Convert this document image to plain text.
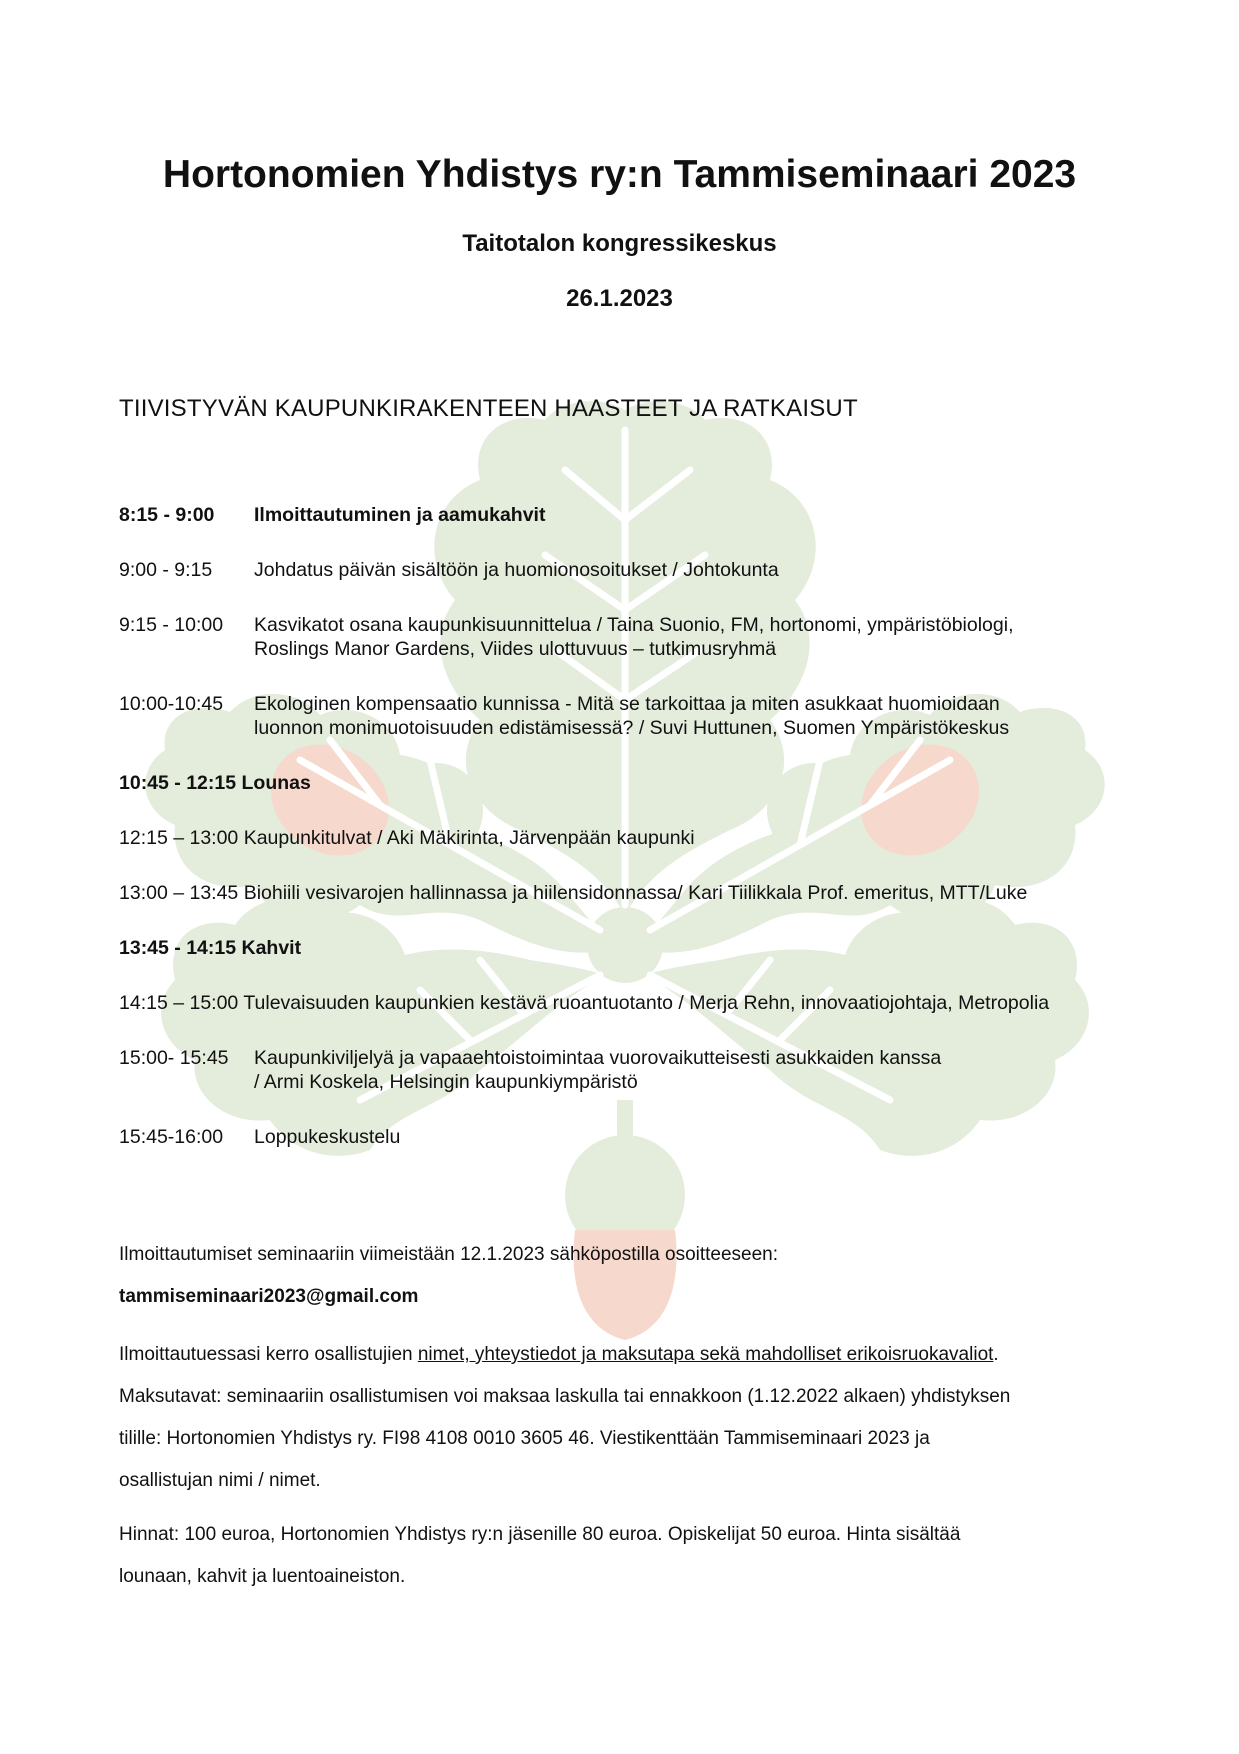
Hortonomien Yhdistys ry:n Tammiseminaari 2023
Taitotalon kongressikeskus
26.1.2023
TIIVISTYVÄN KAUPUNKIRAKENTEEN HAASTEET JA RATKAISUT
8:15 - 9:00 Ilmoittautuminen ja aamukahvit
9:00 - 9:15 Johdatus päivän sisältöön ja huomionosoitukset / Johtokunta
9:15 - 10:00 Kasvikatot osana kaupunkisuunnittelua / Taina Suonio, FM, hortonomi, ympäristöbiologi,
Roslings Manor Gardens, Viides ulottuvuus – tutkimusryhmä
10:00-10:45 Ekologinen kompensaatio kunnissa - Mitä se tarkoittaa ja miten asukkaat huomioidaan
luonnon monimuotoisuuden edistämisessä? / Suvi Huttunen, Suomen Ympäristökeskus
10:45 - 12:15 Lounas
12:15 – 13:00 Kaupunkitulvat / Aki Mäkirinta, Järvenpään kaupunki
13:00 – 13:45 Biohiili vesivarojen hallinnassa ja hiilensidonnassa/ Kari Tiilikkala Prof. emeritus, MTT/Luke
13:45 - 14:15 Kahvit
14:15 – 15:00 Tulevaisuuden kaupunkien kestävä ruoantuotanto / Merja Rehn, innovaatiojohtaja, Metropolia
15:00- 15:45 Kaupunkiviljelyä ja vapaaehtoistoimintaa vuorovaikutteisesti asukkaiden kanssa
/ Armi Koskela, Helsingin kaupunkiympäristö
15:45-16:00 Loppukeskustelu

Ilmoittautumiset seminaariin viimeistään 12.1.2023 sähköpostilla osoitteeseen:

tammiseminaari2023@gmail.com

Ilmoittautuessasi kerro osallistujien nimet, yhteystiedot ja maksutapa sekä mahdolliset erikoisruokavaliot.

Maksutavat: seminaariin osallistumisen voi maksaa laskulla tai ennakkoon (1.12.2022 alkaen) yhdistyksen

tilille: Hortonomien Yhdistys ry. FI98 4108 0010 3605 46. Viestikenttään Tammiseminaari 2023 ja

osallistujan nimi / nimet.

Hinnat: 100 euroa, Hortonomien Yhdistys ry:n jäsenille 80 euroa. Opiskelijat 50 euroa. Hinta sisältää

lounaan, kahvit ja luentoaineiston.
